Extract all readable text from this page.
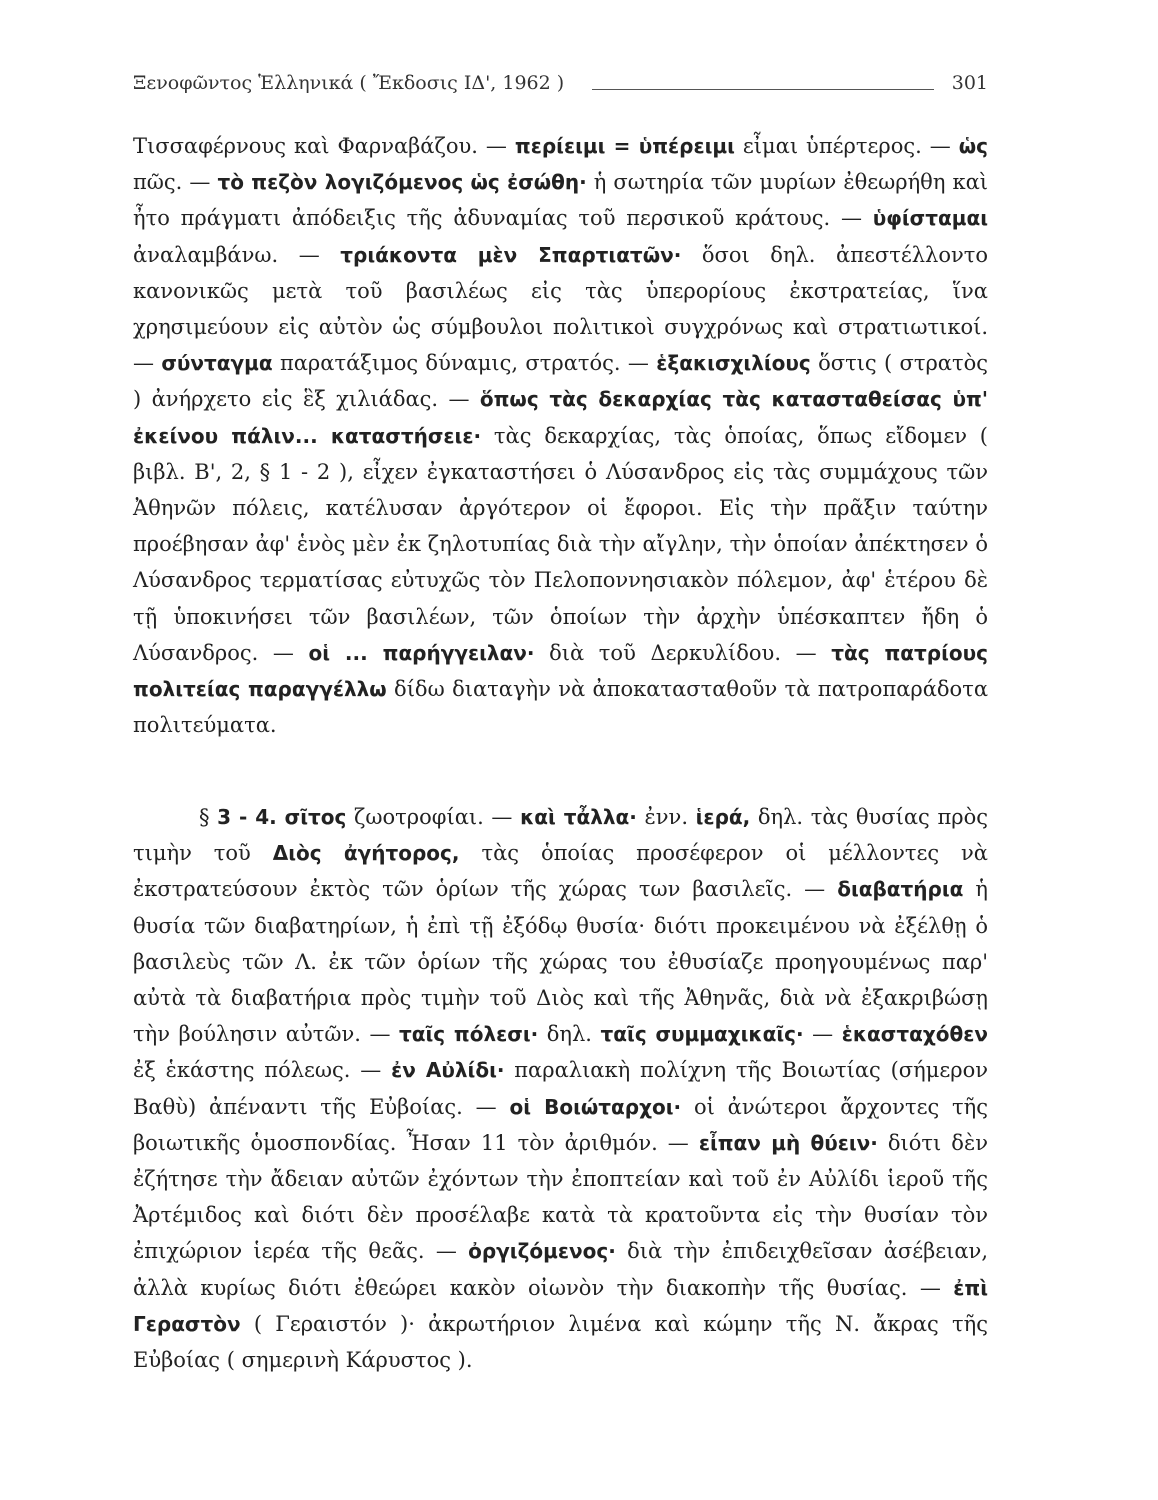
Ξενοφῶντος Ἑλληνικά ( Ἔκδοσις ΙΔ', 1962 )	301
Τισσαφέρνους καὶ Φαρναβάζου. — περίειμι = ὑπέρειμι εἶμαι ὑπέρτερος. — ὡς πῶς. — τὸ πεζὸν λογιζόμενος ὡς ἐσώθη· ἡ σωτηρία τῶν μυρίων ἐθεωρήθη καὶ ἦτο πράγματι ἀπόδειξις τῆς ἀδυναμίας τοῦ περσικοῦ κράτους. — ὑφίσταμαι ἀναλαμβάνω. — τριάκοντα μὲν Σπαρτιατῶν· ὅσοι δηλ. ἀπεστέλλοντο κανονικῶς μετὰ τοῦ βασιλέως εἰς τὰς ὑπερορίους ἐκστρατείας, ἵνα χρησιμεύουν εἰς αὐτὸν ὡς σύμβουλοι πολιτικοὶ συγχρόνως καὶ στρατιωτικοί. — σύνταγμα παρατάξιμος δύναμις, στρατός. — ἑξακισχιλίους ὅστις ( στρατὸς ) ἀνήρχετο εἰς ἓξ χιλιάδας. — ὅπως τὰς δεκαρχίας τὰς κατασταθείσας ὑπ' ἐκείνου πάλιν... καταστήσειε· τὰς δεκαρχίας, τὰς ὁποίας, ὅπως εἴδομεν ( βιβλ. Β', 2, § 1 - 2 ), εἶχεν ἐγκαταστήσει ὁ Λύσανδρος εἰς τὰς συμμάχους τῶν Ἀθηνῶν πόλεις, κατέλυσαν ἀργότερον οἱ ἔφοροι. Εἰς τὴν πρᾶξιν ταύτην προέβησαν ἀφ' ἑνὸς μὲν ἐκ ζηλοτυπίας διὰ τὴν αἴγλην, τὴν ὁποίαν ἀπέκτησεν ὁ Λύσανδρος τερματίσας εὐτυχῶς τὸν Πελοποννησιακὸν πόλεμον, ἀφ' ἑτέρου δὲ τῇ ὑποκινήσει τῶν βασιλέων, τῶν ὁποίων τὴν ἀρχὴν ὑπέσκαπτεν ἤδη ὁ Λύσανδρος. — οἱ ... παρήγγειλαν· διὰ τοῦ Δερκυλίδου. — τὰς πατρίους πολιτείας παραγγέλλω δίδω διαταγὴν νὰ ἀποκατασταθοῦν τὰ πατροπαράδοτα πολιτεύματα.
§ 3 - 4. σῖτος ζωοτροφίαι. — καὶ τἆλλα· ἐνν. ἱερά, δηλ. τὰς θυσίας πρὸς τιμὴν τοῦ Διὸς ἀγήτορος, τὰς ὁποίας προσέφερον οἱ μέλλοντες νὰ ἐκστρατεύσουν ἐκτὸς τῶν ὁρίων τῆς χώρας των βασιλεῖς. — διαβατήρια ἡ θυσία τῶν διαβατηρίων, ἡ ἐπὶ τῇ ἐξόδῳ θυσία· διότι προκειμένου νὰ ἐξέλθῃ ὁ βασιλεὺς τῶν Λ. ἐκ τῶν ὁρίων τῆς χώρας του ἐθυσίαζε προηγουμένως παρ' αὐτὰ τὰ διαβατήρια πρὸς τιμὴν τοῦ Διὸς καὶ τῆς Ἀθηνᾶς, διὰ νὰ ἐξακριβώσῃ τὴν βούλησιν αὐτῶν. — ταῖς πόλεσι· δηλ. ταῖς συμμαχικαῖς· — ἑκασταχόθεν ἐξ ἑκάστης πόλεως. — ἐν Αὐλίδι· παραλιακὴ πολίχνη τῆς Βοιωτίας (σήμερον Βαθὺ) ἀπέναντι τῆς Εὐβοίας. — οἱ Βοιώταρχοι· οἱ ἀνώτεροι ἄρχοντες τῆς βοιωτικῆς ὁμοσπονδίας. Ἦσαν 11 τὸν ἀριθμόν. — εἶπαν μὴ θύειν· διότι δὲν ἐζήτησε τὴν ἄδειαν αὐτῶν ἐχόντων τὴν ἐποπτείαν καὶ τοῦ ἐν Αὐλίδι ἱεροῦ τῆς Ἀρτέμιδος καὶ διότι δὲν προσέλαβε κατὰ τὰ κρατοῦντα εἰς τὴν θυσίαν τὸν ἐπιχώριον ἱερέα τῆς θεᾶς. — ὀργιζόμενος· διὰ τὴν ἐπιδειχθεῖσαν ἀσέβειαν, ἀλλὰ κυρίως διότι ἐθεώρει κακὸν οἰωνὸν τὴν διακοπὴν τῆς θυσίας. — ἐπὶ Γεραστὸν ( Γεραιστόν )· ἀκρωτήριον λιμένα καὶ κώμην τῆς Ν. ἄκρας τῆς Εὐβοίας ( σημερινὴ Κάρυστος ).
